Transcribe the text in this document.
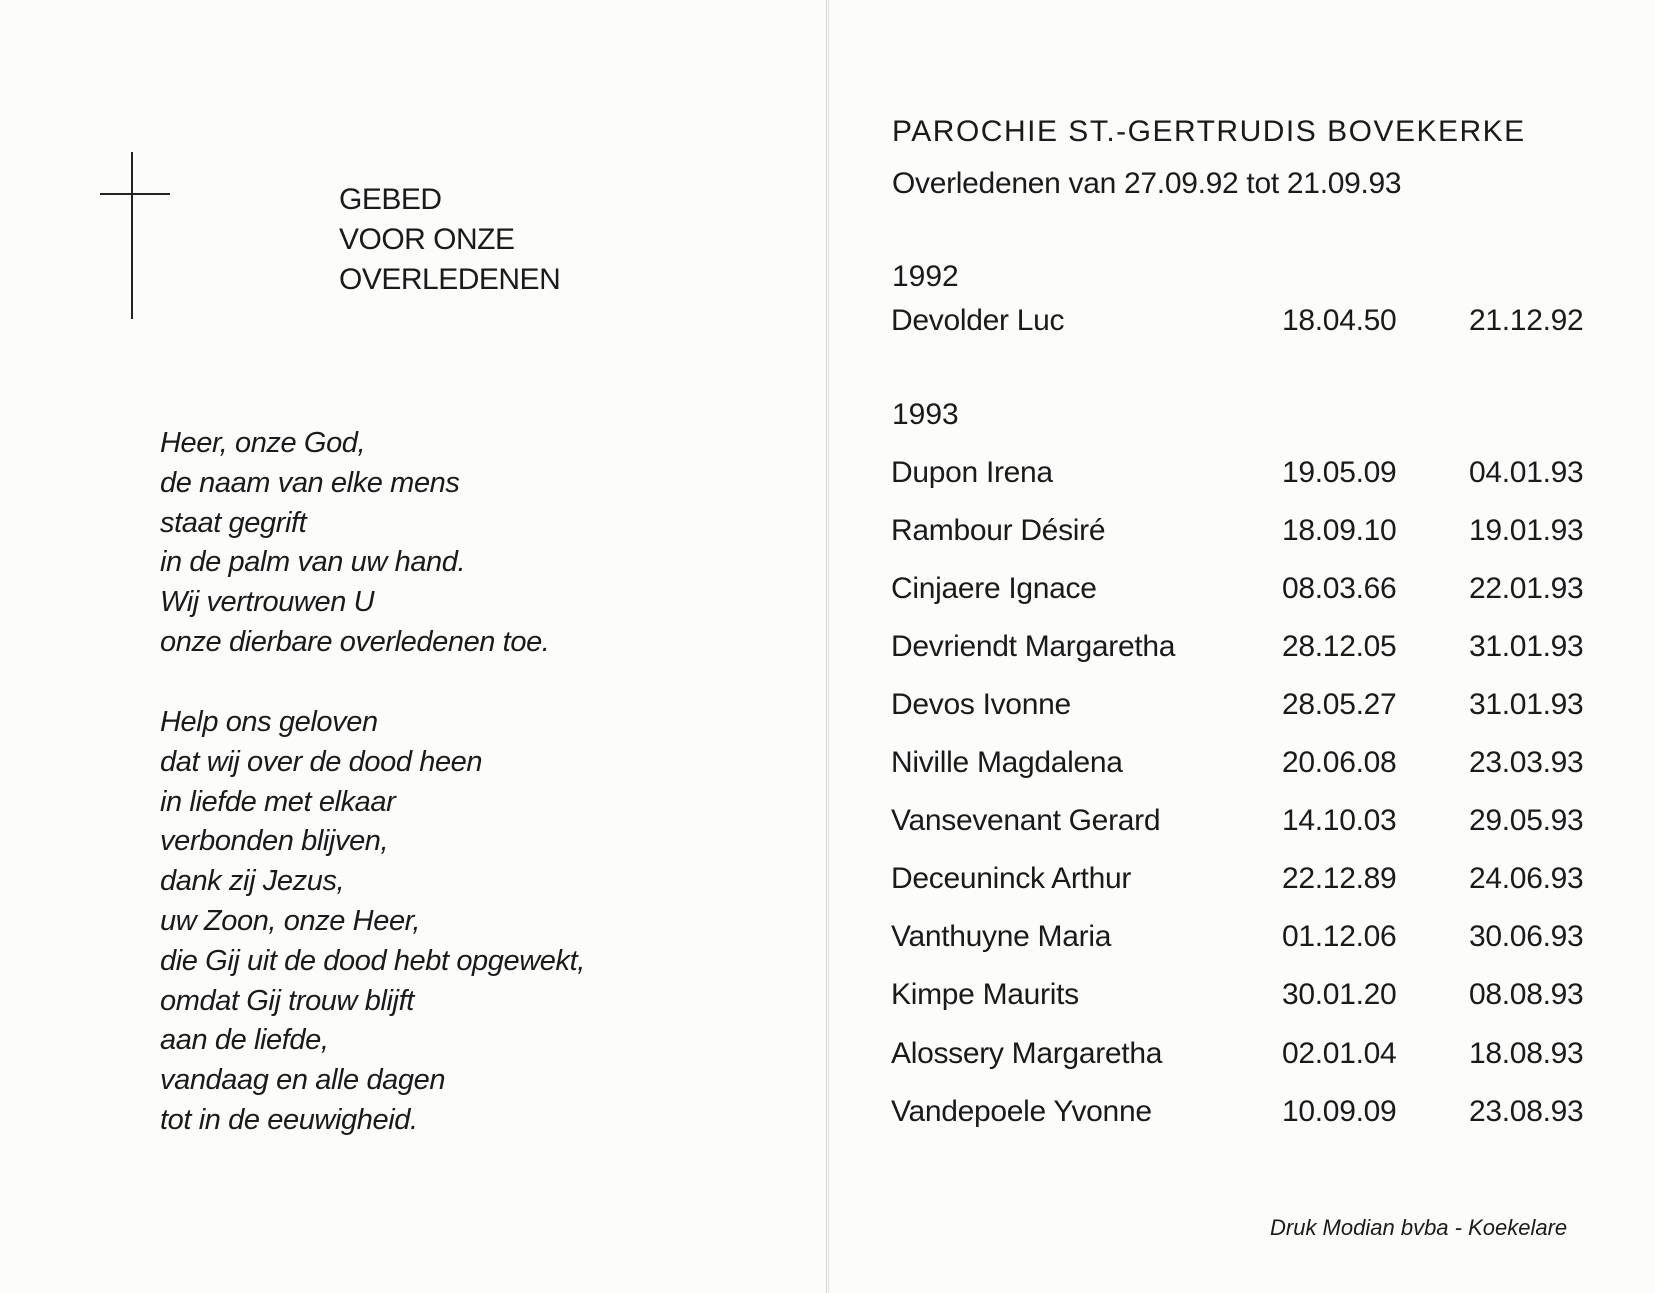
GEBED
VOOR ONZE
OVERLEDENEN
Heer, onze God,
de naam van elke mens
staat gegrift
in de palm van uw hand.
Wij vertrouwen U
onze dierbare overledenen toe.
Help ons geloven
dat wij over de dood heen
in liefde met elkaar
verbonden blijven,
dank zij Jezus,
uw Zoon, onze Heer,
die Gij uit de dood hebt opgewekt,
omdat Gij trouw blijft
aan de liefde,
vandaag en alle dagen
tot in de eeuwigheid.
PAROCHIE ST.-GERTRUDIS BOVEKERKE
Overledenen van 27.09.92 tot 21.09.93
1992
Devolder Luc	18.04.50 21.12.92
1993
Dupon Irena	19.05.09 04.01.93
Rambour Désiré	18.09.10 19.01.93
Cinjaere Ignace	08.03.66 22.01.93
Devriendt Margaretha	28.12.05 31.01.93
Devos Ivonne	28.05.27 31.01.93
Niville Magdalena	20.06.08 23.03.93
Vansevenant Gerard	14.10.03 29.05.93
Deceuninck Arthur	22.12.89 24.06.93
Vanthuyne Maria	01.12.06 30.06.93
Kimpe Maurits	30.01.20 08.08.93
Alossery Margaretha	02.01.04 18.08.93
Vandepoele Yvonne	10.09.09 23.08.93
Druk Modian bvba - Koekelare
